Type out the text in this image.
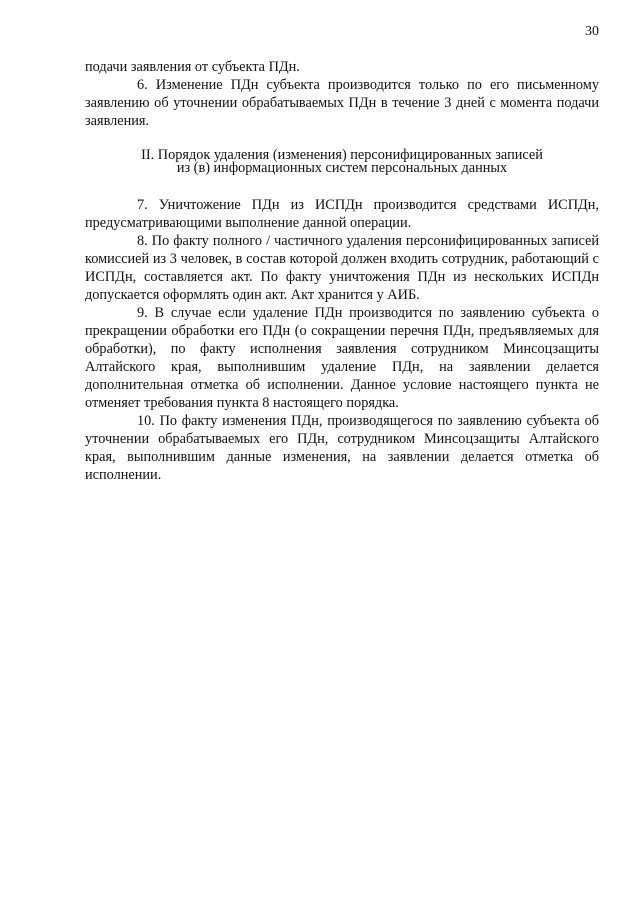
30

подачи заявления от субъекта ПДн.

6. Изменение ПДн субъекта производится только по его письменному заявлению об уточнении обрабатываемых ПДн в течение 3 дней с момента подачи заявления.

II. Порядок удаления (изменения) персонифицированных записей
из (в) информационных систем персональных данных

7. Уничтожение ПДн из ИСПДн производится средствами ИСПДн, предусматривающими выполнение данной операции.

8. По факту полного / частичного удаления персонифицированных записей комиссией из 3 человек, в состав которой должен входить сотрудник, работающий с ИСПДн, составляется акт. По факту уничтожения ПДн из нескольких ИСПДн допускается оформлять один акт. Акт хранится у АИБ.

9. В случае если удаление ПДн производится по заявлению субъекта о прекращении обработки его ПДн (о сокращении перечня ПДн, предъявляемых для обработки), по факту исполнения заявления сотрудником Минсоцзащиты Алтайского края, выполнившим удаление ПДн, на заявлении делается дополнительная отметка об исполнении. Данное условие настоящего пункта не отменяет требования пункта 8 настоящего порядка.

10. По факту изменения ПДн, производящегося по заявлению субъекта об уточнении обрабатываемых его ПДн, сотрудником Минсоцзащиты Алтайского края, выполнившим данные изменения, на заявлении делается отметка об исполнении.
